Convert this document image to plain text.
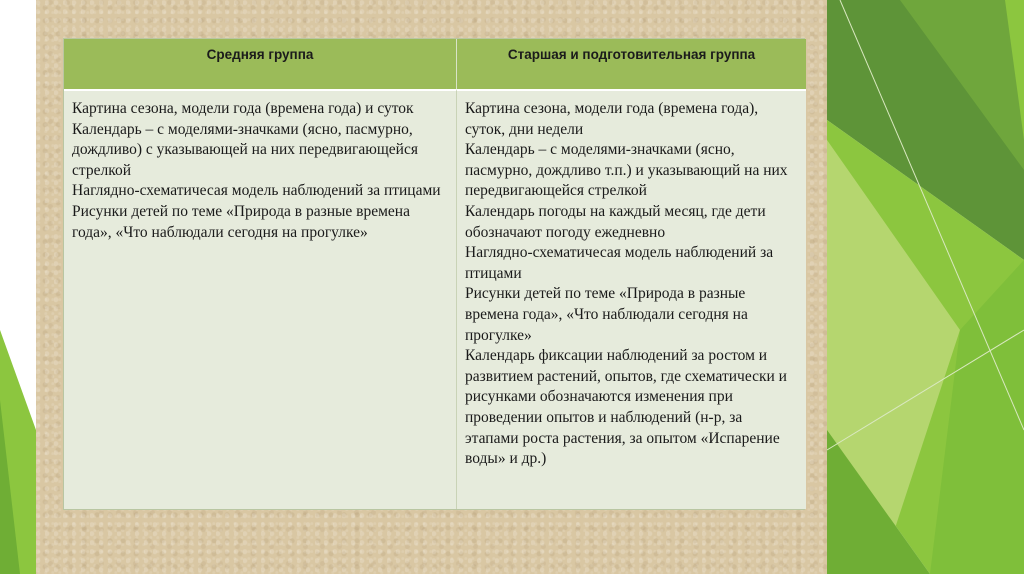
Средняя группа	Старшая и подготовительная группа
Картина сезона, модели года (времена года) и суток
Календарь – с моделями-значками (ясно, пасмурно, дождливо) с указывающей на них передвигающейся стрелкой
Наглядно-схематичесая модель наблюдений за птицами
Рисунки детей по теме «Природа в разные времена года», «Что наблюдали сегодня на прогулке»
Картина сезона, модели года (времена года), суток, дни недели
Календарь – с моделями-значками (ясно, пасмурно, дождливо т.п.) и указывающий на них передвигающейся стрелкой
Календарь погоды на каждый месяц, где дети обозначают погоду ежедневно
Наглядно-схематичесая модель наблюдений за птицами
Рисунки детей по теме «Природа в разные времена года», «Что наблюдали сегодня на прогулке»
Календарь фиксации наблюдений за ростом и развитием растений, опытов, где схематически и рисунками обозначаются изменения при проведении опытов и наблюдений (н-р, за этапами роста растения, за опытом «Испарение воды» и др.)
